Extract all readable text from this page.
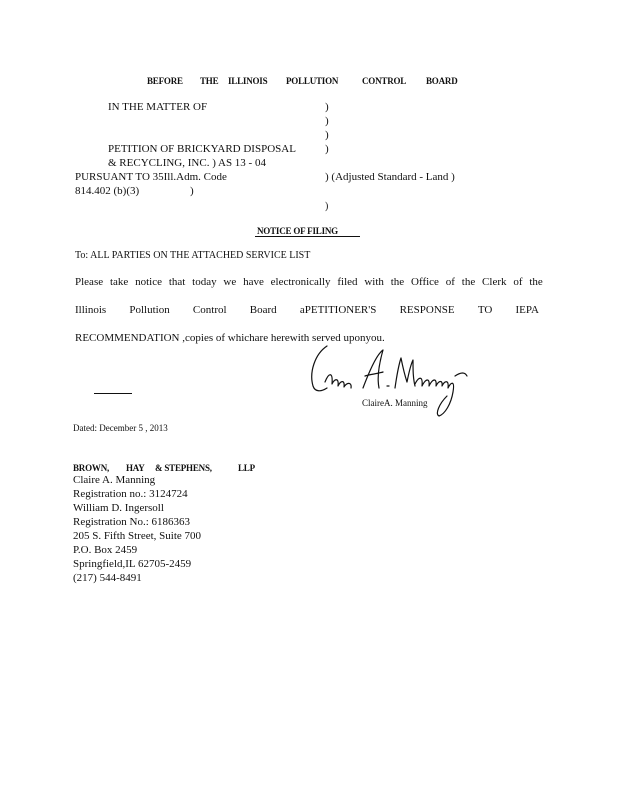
BEFORE THE ILLINOIS POLLUTION	CONTROL BOARD
IN THE MATTER OF	)
)
)
PETITION OF BRICKYARD DISPOSAL	)
& RECYCLING, INC. ) AS 13 - 04
PURSUANT TO 35Ill.Adm. Code	) (Adjusted Standard - Land )
814.402 (b)(3)	)
)
NOTICE OF FILING
To: ALL PARTIES ON THE ATTACHED SERVICE LIST
Please take notice that today we have electronically filed with the Office of the Clerk of the
Illinois Pollution Control Board aPETITIONER'S RESPONSE TO IEPA
RECOMMENDATION ,copies of whichare herewith served uponyou.
ClaireA. Manning
Dated: December 5 , 2013
BROWN, HAY & STEPHENS,	LLP
Claire A. Manning
Registration no.: 3124724
William D. Ingersoll
Registration No.: 6186363
205 S. Fifth Street, Suite 700
P.O. Box 2459
Springfield,IL 62705-2459
(217) 544-8491
